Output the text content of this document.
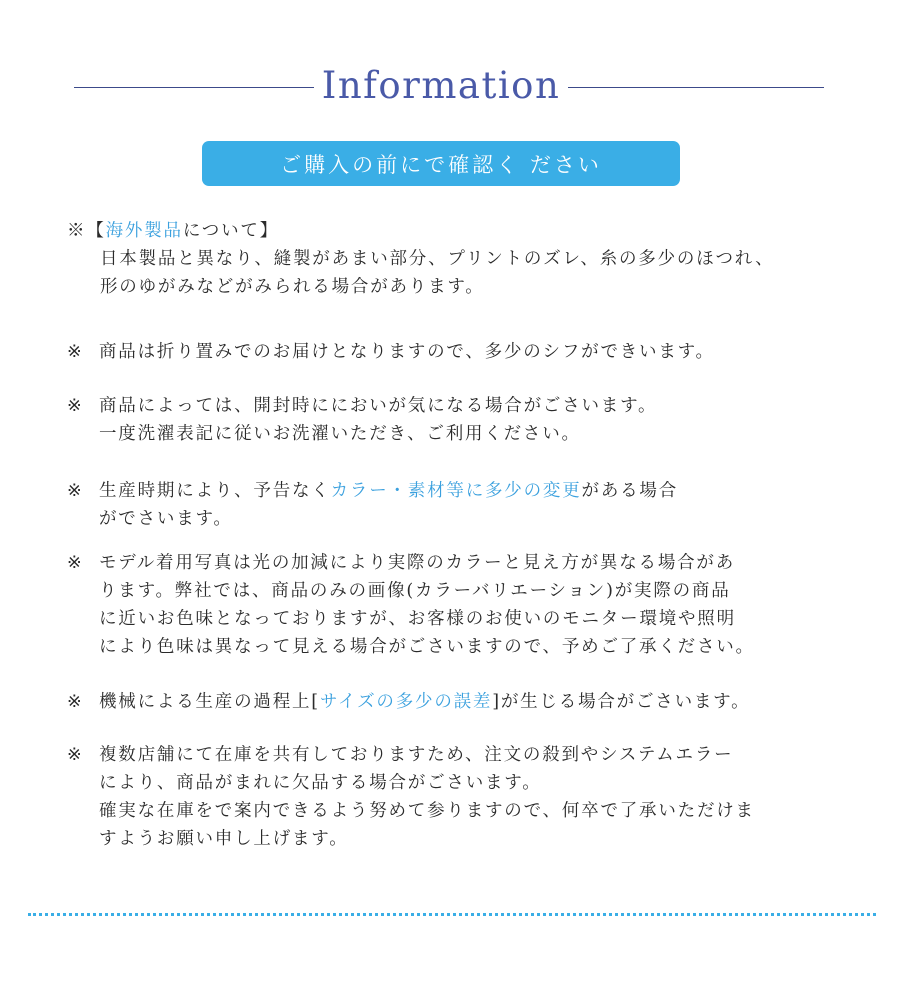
Information
ご購入の前にで確認く ださい
※【海外製品について】
日本製品と異なり、縫製があまい部分、プリントのズレ、糸の多少のほつれ、
形のゆがみなどがみられる場合があります。
※ 商品は折り置みでのお届けとなりますので、多少のシフができいます。
※ 商品によっては、開封時ににおいが気になる場合がごさいます。
一度洗濯表記に従いお洗濯いただき、ご利用ください。
※ 生産時期により、予告なくカラー・素材等に多少の変更がある場合
がでさいます。
※ モデル着用写真は光の加減により実際のカラーと見え方が異なる場合があ
ります。弊社では、商品のみの画像(カラーバリエーション)が実際の商品
に近いお色味となっておりますが、お客様のお使いのモニター環境や照明
により色味は異なって見える場合がごさいますので、予めご了承ください。
※ 機械による生産の過程上[サイズの多少の誤差]が生じる場合がごさいます。
※ 複数店舗にて在庫を共有しておりますため、注文の殺到やシステムエラー
により、商品がまれに欠品する場合がごさいます。
確実な在庫をで案内できるよう努めて参りますので、何卒で了承いただけま
すようお願い申し上げます。
